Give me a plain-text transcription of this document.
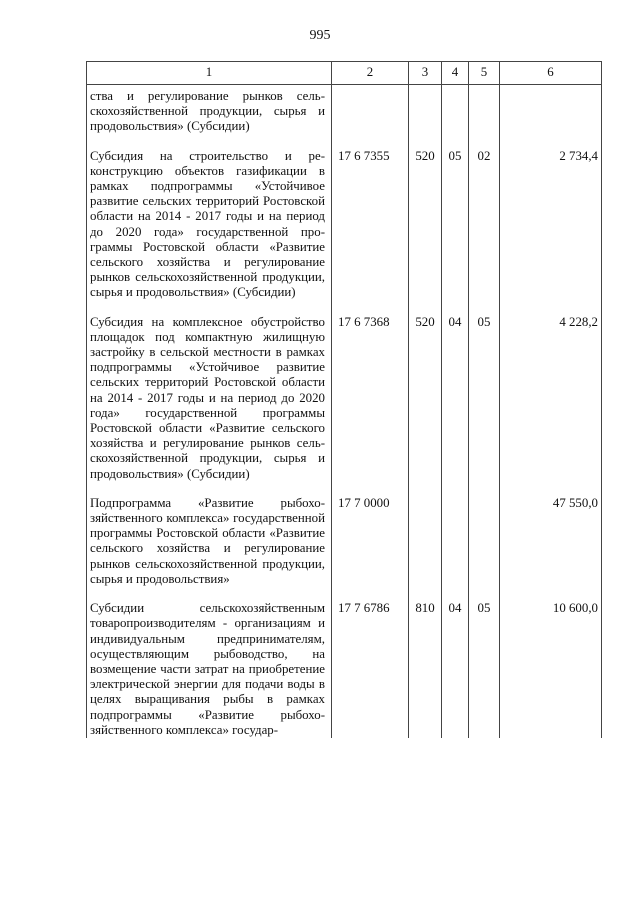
995
1	2	3	4	5	6
ства и регулирование рынков сельскохозяйственной продукции, сырья и продовольствия» (Субсидии)					

Субсидия на строительство и реконструкцию объектов газификации в рамках подпрограммы «Устойчивое развитие сельских территорий Ростовской области на 2014 - 2017 годы и на период до 2020 года» государственной программы Ростовской области «Развитие сельского хозяйства и регулирование рынков сельскохозяйственной продукции, сырья и продовольствия» (Субсидии)	17 6 7355	520	05	02	2 734,4

Субсидия на комплексное обустройство площадок под компактную жилищную застройку в сельской местности в рамках подпрограммы «Устойчивое развитие сельских территорий Ростовской области на 2014 - 2017 годы и на период до 2020 года» государственной программы Ростовской области «Развитие сельского хозяйства и регулирование рынков сельскохозяйственной продукции, сырья и продовольствия» (Субсидии)	17 6 7368	520	04	05	4 228,2

Подпрограмма «Развитие рыбохозяйственного комплекса» государственной программы Ростовской области «Развитие сельского хозяйства и регулирование рынков сельскохозяйственной продукции, сырья и продовольствия»	17 7 0000				47 550,0

Субсидии сельскохозяйственным товаропроизводителям - организациям и индивидуальным предпринимателям, осуществляющим рыбоводство, на возмещение части затрат на приобретение электрической энергии для подачи воды в целях выращивания рыбы в рамках подпрограммы «Развитие рыбохозяйственного комплекса» государ-	17 7 6786	810	04	05	10 600,0
